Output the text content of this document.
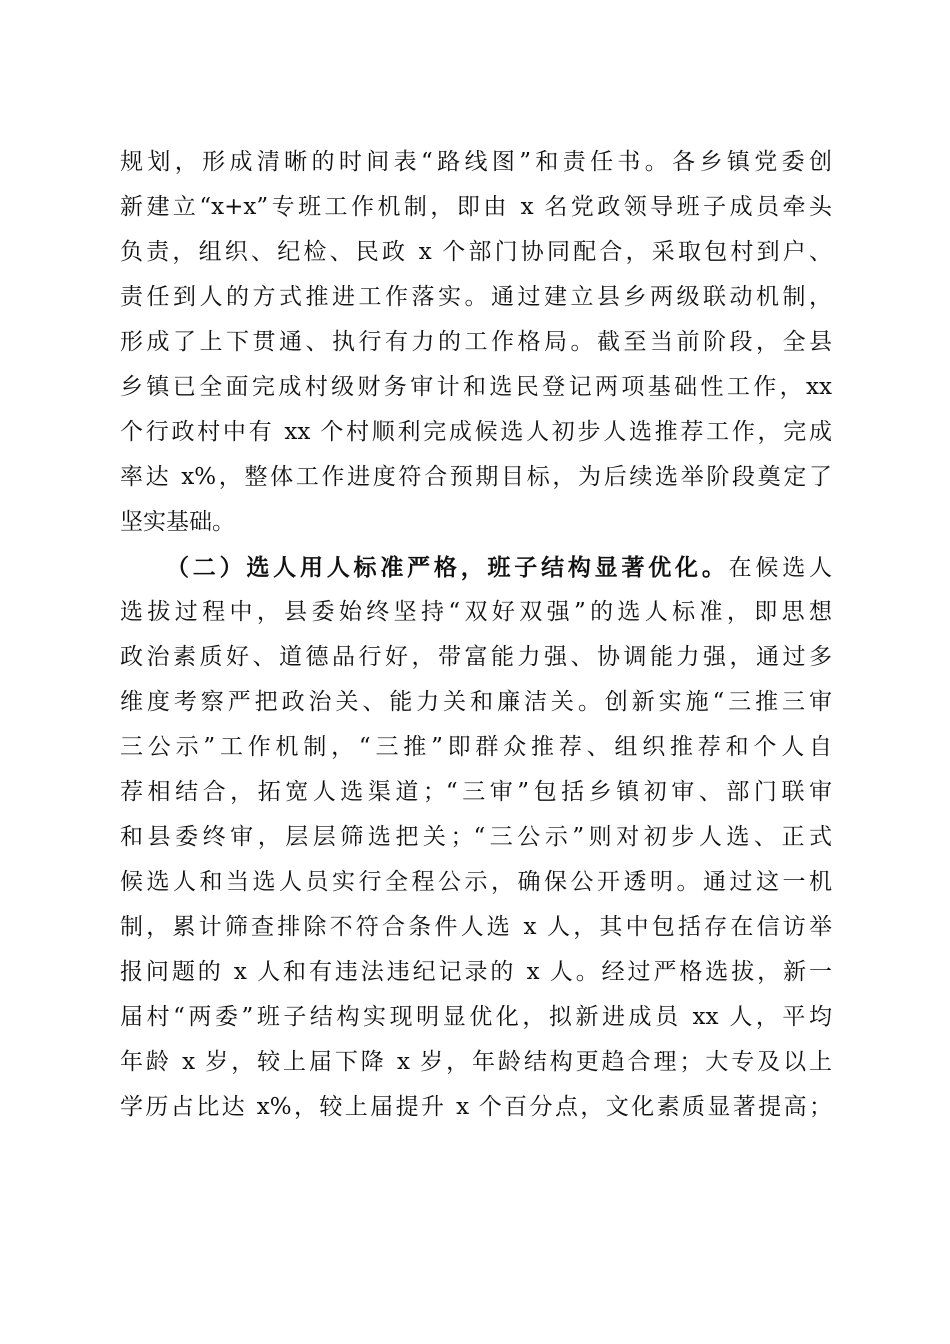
规划，形成清晰的时间表“路线图”和责任书。各乡镇党委创
新建立“x+x”专班工作机制，即由 x 名党政领导班子成员牵头
负责，组织、纪检、民政 x 个部门协同配合，采取包村到户、
责任到人的方式推进工作落实。通过建立县乡两级联动机制，
形成了上下贯通、执行有力的工作格局。截至当前阶段，全县
乡镇已全面完成村级财务审计和选民登记两项基础性工作，xx
个行政村中有 xx 个村顺利完成候选人初步人选推荐工作，完成
率达 x%，整体工作进度符合预期目标，为后续选举阶段奠定了
坚实基础。
（二）选人用人标准严格，班子结构显著优化。在候选人
选拔过程中，县委始终坚持“双好双强”的选人标准，即思想
政治素质好、道德品行好，带富能力强、协调能力强，通过多
维度考察严把政治关、能力关和廉洁关。创新实施“三推三审
三公示”工作机制，“三推”即群众推荐、组织推荐和个人自
荐相结合，拓宽人选渠道；“三审”包括乡镇初审、部门联审
和县委终审，层层筛选把关；“三公示”则对初步人选、正式
候选人和当选人员实行全程公示，确保公开透明。通过这一机
制，累计筛查排除不符合条件人选 x 人，其中包括存在信访举
报问题的 x 人和有违法违纪记录的 x 人。经过严格选拔，新一
届村“两委”班子结构实现明显优化，拟新进成员 xx 人，平均
年龄 x 岁，较上届下降 x 岁，年龄结构更趋合理；大专及以上
学历占比达 x%，较上届提升 x 个百分点，文化素质显著提高；
